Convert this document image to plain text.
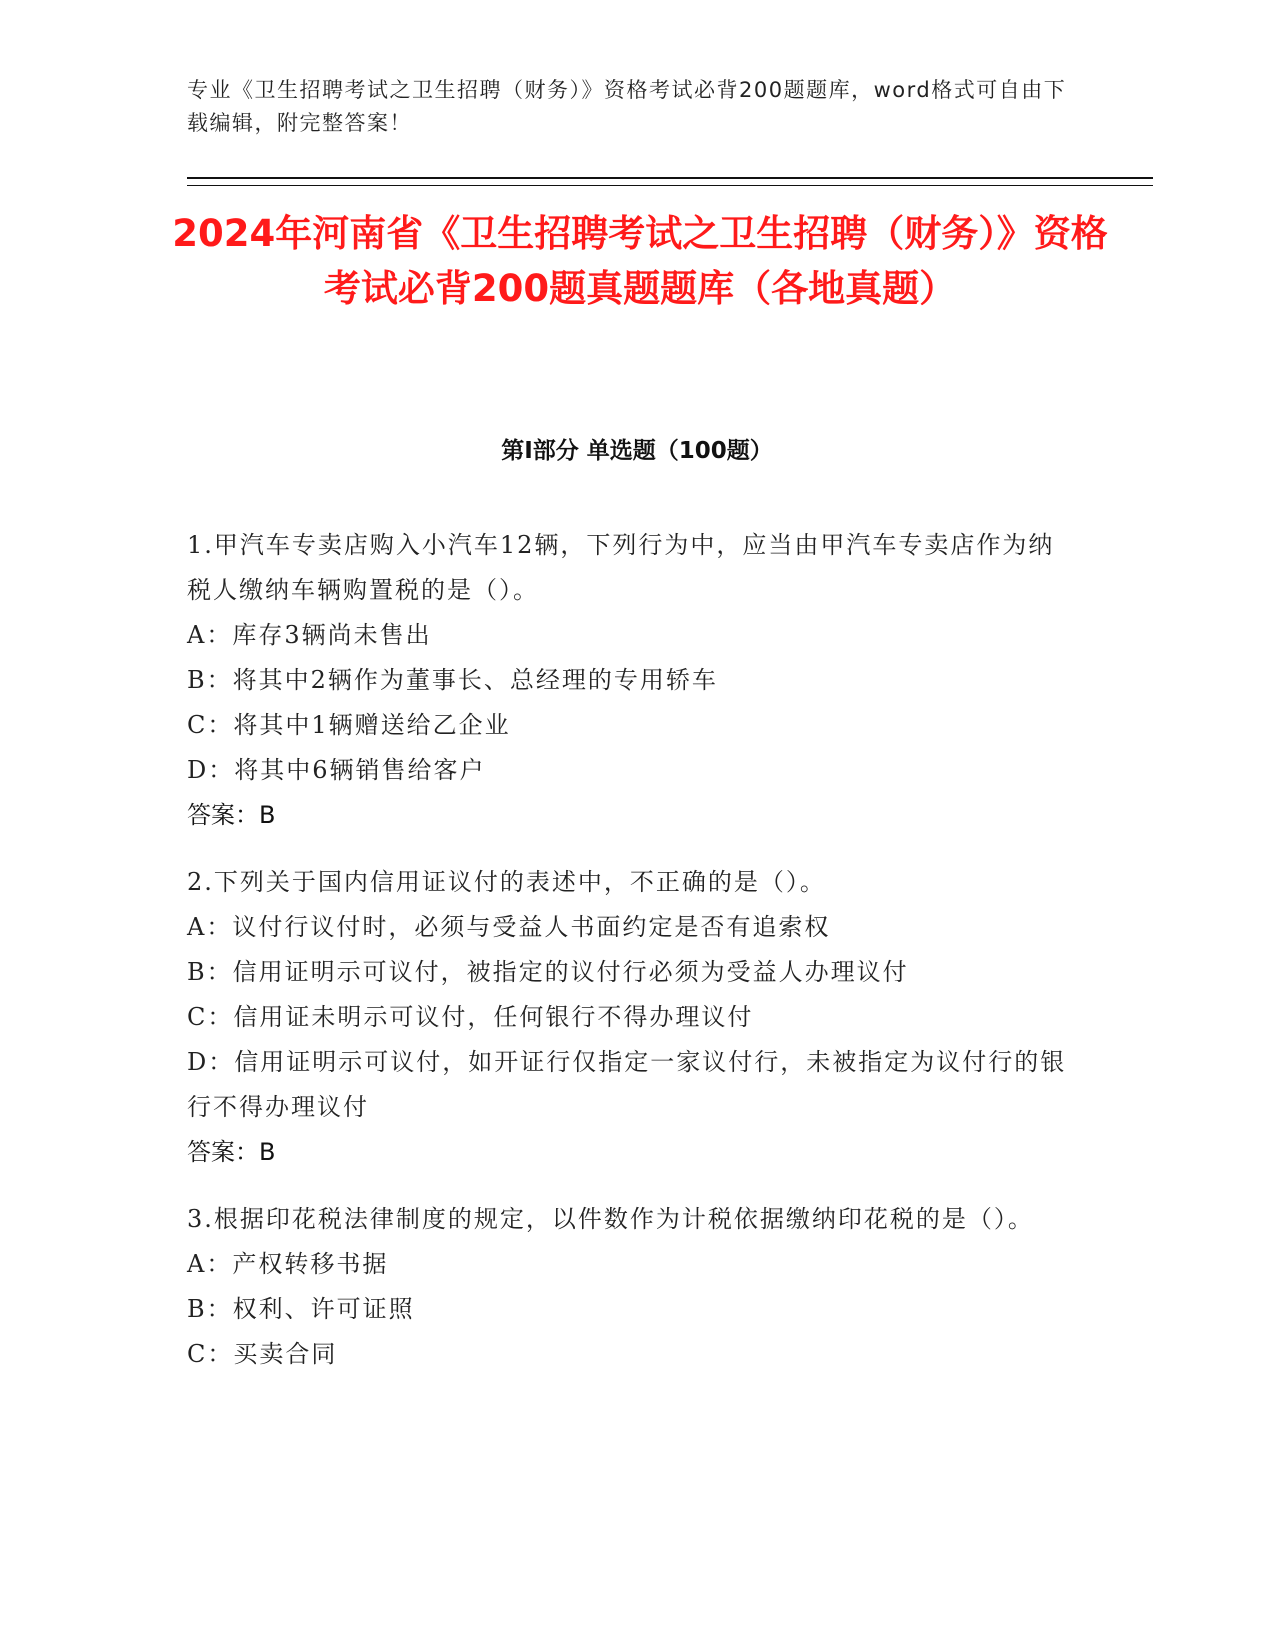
专业《卫生招聘考试之卫生招聘（财务）》资格考试必背200题题库，word格式可自由下载编辑，附完整答案！
2024年河南省《卫生招聘考试之卫生招聘（财务）》资格考试必背200题真题题库（各地真题）
第I部分 单选题（100题）

1.甲汽车专卖店购入小汽车12辆，下列行为中，应当由甲汽车专卖店作为纳税人缴纳车辆购置税的是（）。

A：库存3辆尚未售出

B：将其中2辆作为董事长、总经理的专用轿车

C：将其中1辆赠送给乙企业

D：将其中6辆销售给客户

答案：B

2.下列关于国内信用证议付的表述中，不正确的是（）。

A：议付行议付时，必须与受益人书面约定是否有追索权

B：信用证明示可议付，被指定的议付行必须为受益人办理议付

C：信用证未明示可议付，任何银行不得办理议付

D：信用证明示可议付，如开证行仅指定一家议付行，未被指定为议付行的银行不得办理议付

答案：B

3.根据印花税法律制度的规定，以件数作为计税依据缴纳印花税的是（）。

A：产权转移书据

B：权利、许可证照

C：买卖合同
